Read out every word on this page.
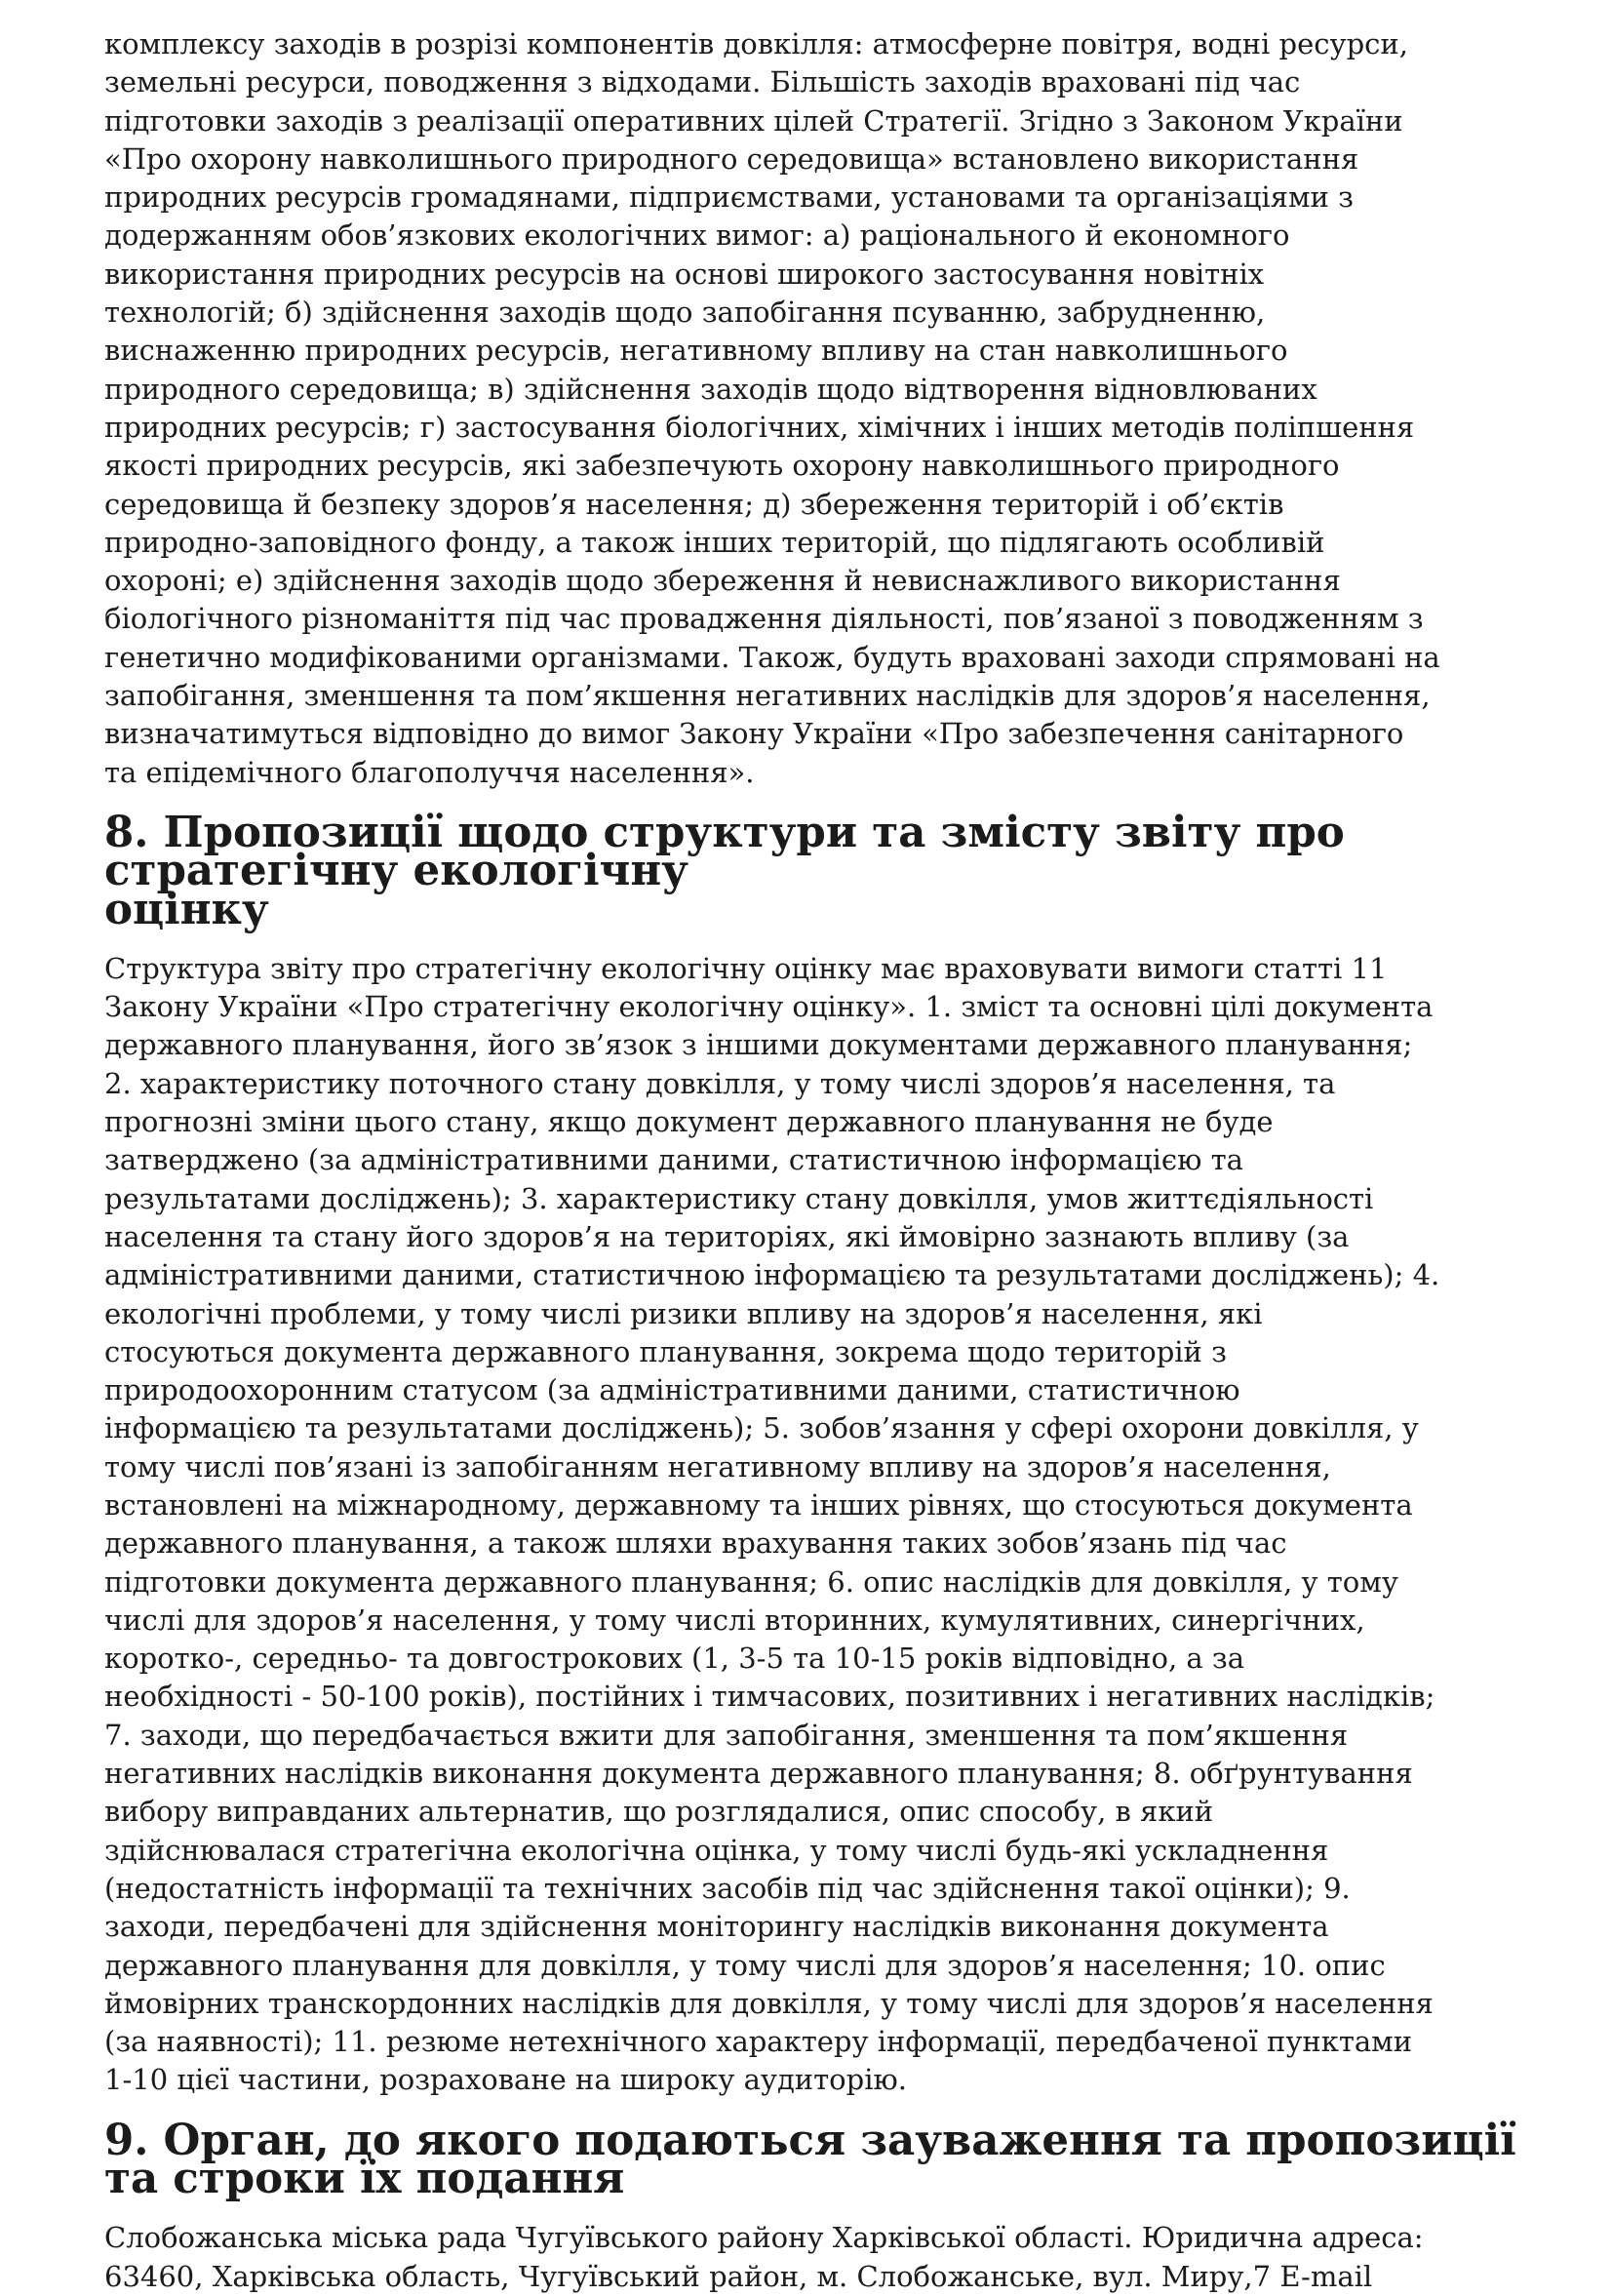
комплексу заходів в розрізі компонентів довкілля: атмосферне повітря, водні ресурси,
земельні ресурси, поводження з відходами. Більшість заходів враховані під час
підготовки заходів з реалізації оперативних цілей Стратегії. Згідно з Законом України
«Про охорону навколишнього природного середовища» встановлено використання
природних ресурсів громадянами, підприємствами, установами та організаціями з
додержанням обов’язкових екологічних вимог: а) раціонального й економного
використання природних ресурсів на основі широкого застосування новітніх
технологій; б) здійснення заходів щодо запобігання псуванню, забрудненню,
виснаженню природних ресурсів, негативному впливу на стан навколишнього
природного середовища; в) здійснення заходів щодо відтворення відновлюваних
природних ресурсів; г) застосування біологічних, хімічних і інших методів поліпшення
якості природних ресурсів, які забезпечують охорону навколишнього природного
середовища й безпеку здоров’я населення; д) збереження територій і об’єктів
природно-заповідного фонду, а також інших територій, що підлягають особливій
охороні; е) здійснення заходів щодо збереження й невиснажливого використання
біологічного різноманіття під час провадження діяльності, пов’язаної з поводженням з
генетично модифікованими організмами. Також, будуть враховані заходи спрямовані на
запобігання, зменшення та пом’якшення негативних наслідків для здоров’я населення,
визначатимуться відповідно до вимог Закону України «Про забезпечення санітарного
та епідемічного благополуччя населення».

8. Пропозиції щодо структури та змісту звіту про стратегічну екологічну
оцінку

Структура звіту про стратегічну екологічну оцінку має враховувати вимоги статті 11
Закону України «Про стратегічну екологічну оцінку». 1. зміст та основні цілі документа
державного планування, його зв’язок з іншими документами державного планування;
2. характеристику поточного стану довкілля, у тому числі здоров’я населення, та
прогнозні зміни цього стану, якщо документ державного планування не буде
затверджено (за адміністративними даними, статистичною інформацією та
результатами досліджень); 3. характеристику стану довкілля, умов життєдіяльності
населення та стану його здоров’я на територіях, які ймовірно зазнають впливу (за
адміністративними даними, статистичною інформацією та результатами досліджень); 4.
екологічні проблеми, у тому числі ризики впливу на здоров’я населення, які
стосуються документа державного планування, зокрема щодо територій з
природоохоронним статусом (за адміністративними даними, статистичною
інформацією та результатами досліджень); 5. зобов’язання у сфері охорони довкілля, у
тому числі пов’язані із запобіганням негативному впливу на здоров’я населення,
встановлені на міжнародному, державному та інших рівнях, що стосуються документа
державного планування, а також шляхи врахування таких зобов’язань під час
підготовки документа державного планування; 6. опис наслідків для довкілля, у тому
числі для здоров’я населення, у тому числі вторинних, кумулятивних, синергічних,
коротко-, середньо- та довгострокових (1, 3-5 та 10-15 років відповідно, а за
необхідності - 50-100 років), постійних і тимчасових, позитивних і негативних наслідків;
7. заходи, що передбачається вжити для запобігання, зменшення та пом’якшення
негативних наслідків виконання документа державного планування; 8. обґрунтування
вибору виправданих альтернатив, що розглядалися, опис способу, в який
здійснювалася стратегічна екологічна оцінка, у тому числі будь-які ускладнення
(недостатність інформації та технічних засобів під час здійснення такої оцінки); 9.
заходи, передбачені для здійснення моніторингу наслідків виконання документа
державного планування для довкілля, у тому числі для здоров’я населення; 10. опис
ймовірних транскордонних наслідків для довкілля, у тому числі для здоров’я населення
(за наявності); 11. резюме нетехнічного характеру інформації, передбаченої пунктами
1-10 цієї частини, розраховане на широку аудиторію.

9. Орган, до якого подаються зауваження та пропозиції та строки їх подання

Слобожанська міська рада Чугуївського району Харківської області. Юридична адреса:
63460, Харківська область, Чугуївський район, м. Слобожанське, вул. Миру,7 E-mail
